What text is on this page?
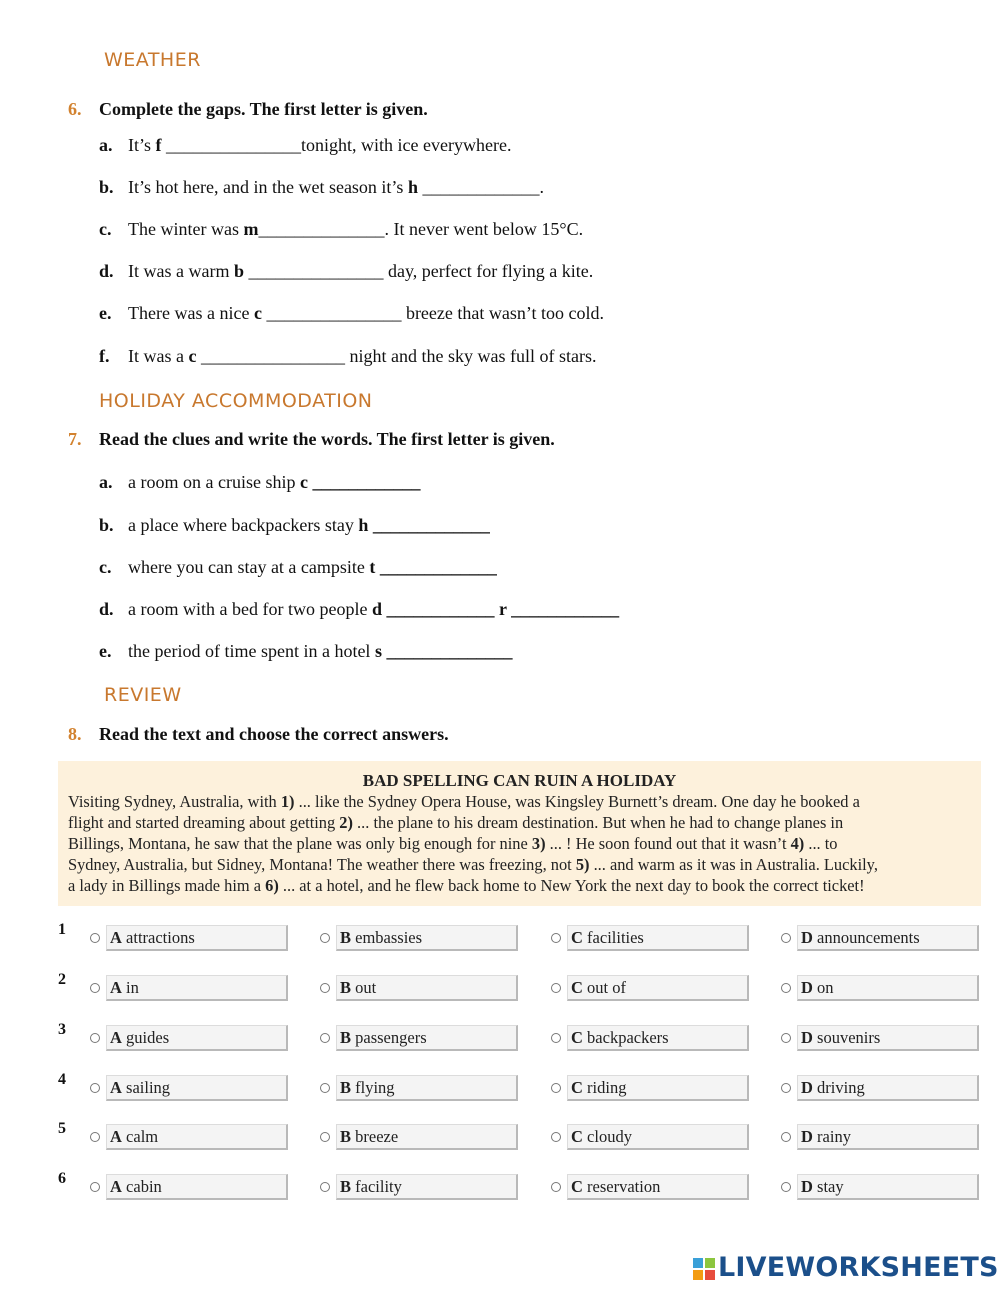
WEATHER
6. Complete the gaps. The first letter is given.
a. It’s f _______________tonight, with ice everywhere.
b. It’s hot here, and in the wet season it’s h _____________.
c. The winter was m______________. It never went below 15°C.
d. It was a warm b _______________ day, perfect for flying a kite.
e. There was a nice c _______________ breeze that wasn’t too cold.
f. It was a c ________________ night and the sky was full of stars.
HOLIDAY ACCOMMODATION
7. Read the clues and write the words. The first letter is given.
a. a room on a cruise ship c ____________
b. a place where backpackers stay h _____________
c. where you can stay at a campsite t _____________
d. a room with a bed for two people d ____________ r ____________
e. the period of time spent in a hotel s ______________
REVIEW
8. Read the text and choose the correct answers.
BAD SPELLING CAN RUIN A HOLIDAY
Visiting Sydney, Australia, with 1) ... like the Sydney Opera House, was Kingsley Burnett’s dream. One day he booked a
flight and started dreaming about getting 2) ... the plane to his dream destination. But when he had to change planes in
Billings, Montana, he saw that the plane was only big enough for nine 3) ... ! He soon found out that it wasn’t 4) ... to
Sydney, Australia, but Sidney, Montana! The weather there was freezing, not 5) ... and warm as it was in Australia. Luckily,
a lady in Billings made him a 6) ... at a hotel, and he flew back home to New York the next day to book the correct ticket!
1	A attractions	B embassies	C facilities	D announcements
2	A in	B out	C out of	D on
3	A guides	B passengers	C backpackers	D souvenirs
4	A sailing	B flying	C riding	D driving
5	A calm	B breeze	C cloudy	D rainy
6	A cabin	B facility	C reservation	D stay
LIVEWORKSHEETS
